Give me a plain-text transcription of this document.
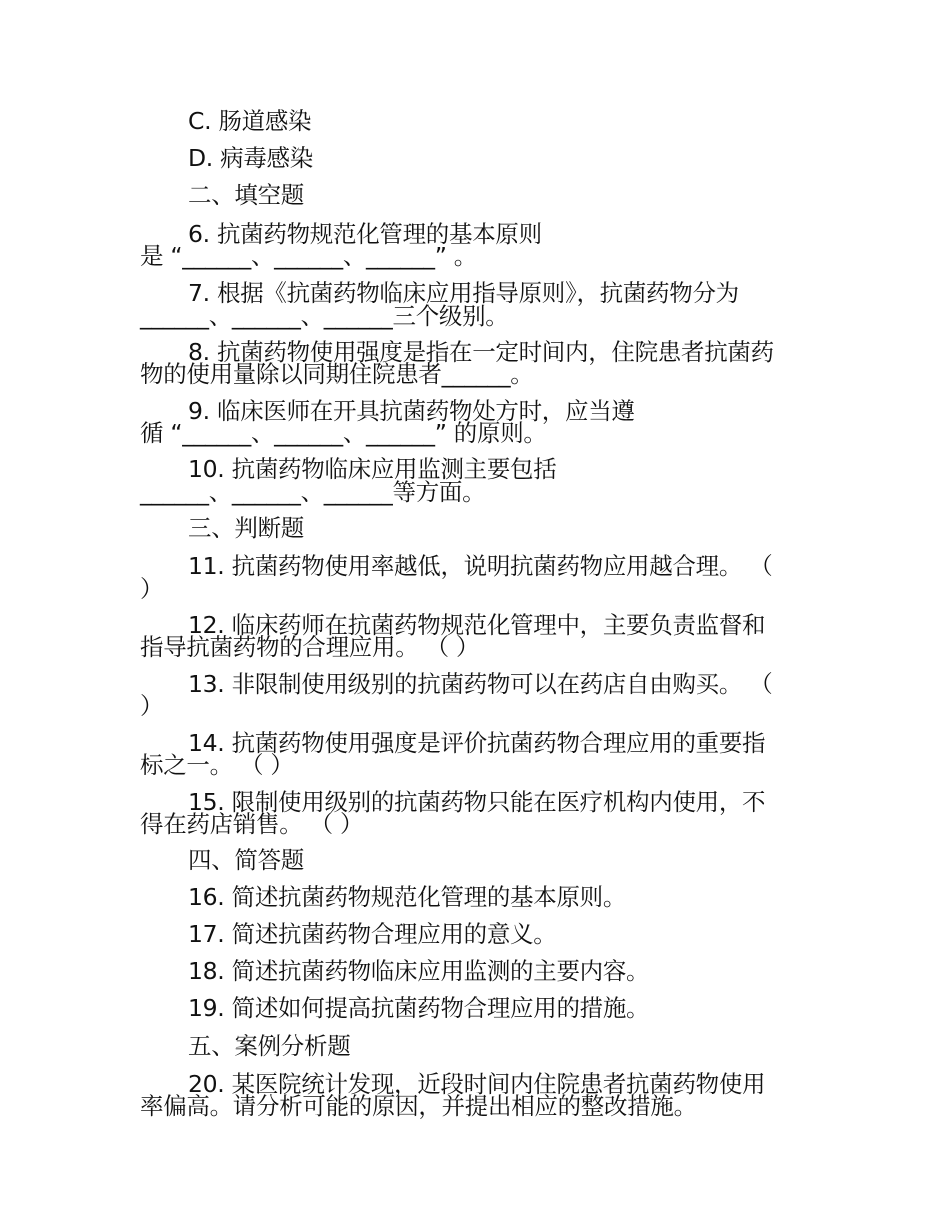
C. 肠道感染
D. 病毒感染
二、填空题
6. 抗菌药物规范化管理的基本原则
是 “______、______、______” 。
7. 根据《抗菌药物临床应用指导原则》，抗菌药物分为
______、______、______三个级别。
8. 抗菌药物使用强度是指在一定时间内，住院患者抗菌药
物的使用量除以同期住院患者______。
9. 临床医师在开具抗菌药物处方时，应当遵
循 “______、______、______” 的原则。
10. 抗菌药物临床应用监测主要包括
______、______、______等方面。
三、判断题
11. 抗菌药物使用率越低，说明抗菌药物应用越合理。 （
）
12. 临床药师在抗菌药物规范化管理中，主要负责监督和
指导抗菌药物的合理应用。 （ ）
13. 非限制使用级别的抗菌药物可以在药店自由购买。 （
）
14. 抗菌药物使用强度是评价抗菌药物合理应用的重要指
标之一。 （ ）
15. 限制使用级别的抗菌药物只能在医疗机构内使用，不
得在药店销售。 （ ）
四、简答题
16. 简述抗菌药物规范化管理的基本原则。
17. 简述抗菌药物合理应用的意义。
18. 简述抗菌药物临床应用监测的主要内容。
19. 简述如何提高抗菌药物合理应用的措施。
五、案例分析题
20. 某医院统计发现，近段时间内住院患者抗菌药物使用
率偏高。请分析可能的原因，并提出相应的整改措施。
